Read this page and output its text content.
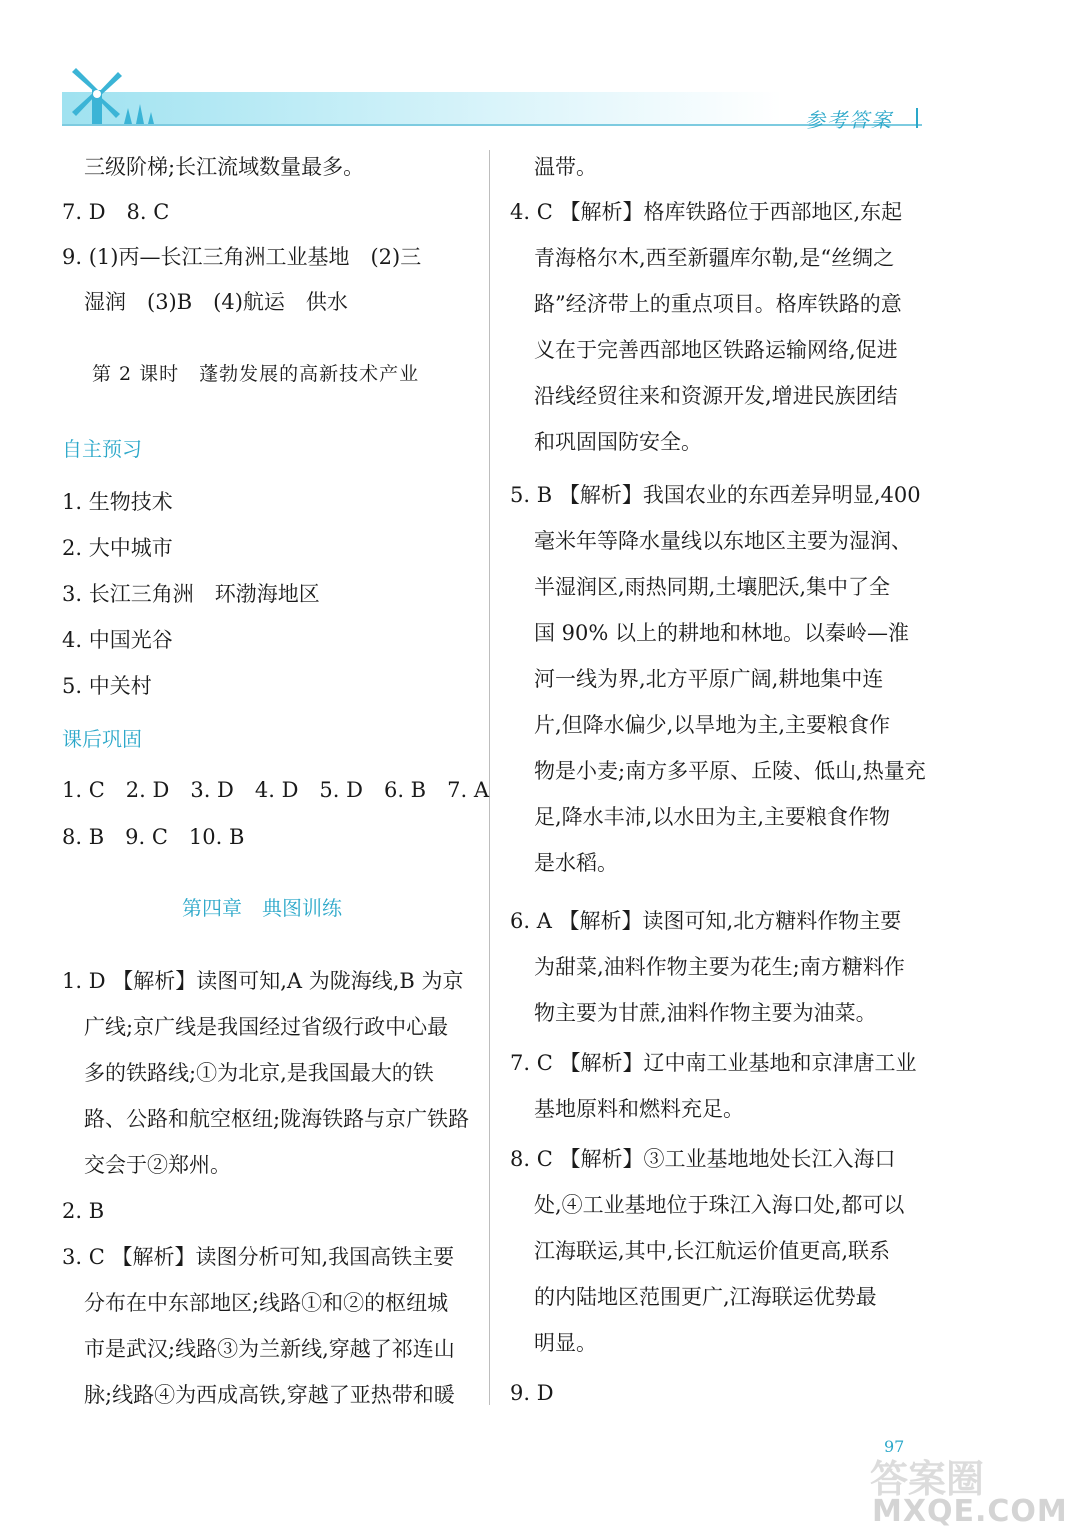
参考答案
三级阶梯;长江流域数量最多。
7. D　8. C
9. (1)丙—长江三角洲工业基地　(2)三
湿润　(3)B　(4)航运　供水
第 2 课时　蓬勃发展的高新技术产业
自主预习
1. 生物技术
2. 大中城市
3. 长江三角洲　环渤海地区
4. 中国光谷
5. 中关村
课后巩固
1. C　2. D　3. D　4. D　5. D　6. B　7. A
8. B　9. C　10. B
第四章　典图训练
1. D 【解析】读图可知,A 为陇海线,B 为京
广线;京广线是我国经过省级行政中心最
多的铁路线;①为北京,是我国最大的铁
路、公路和航空枢纽;陇海铁路与京广铁路
交会于②郑州。
2. B
3. C 【解析】读图分析可知,我国高铁主要
分布在中东部地区;线路①和②的枢纽城
市是武汉;线路③为兰新线,穿越了祁连山
脉;线路④为西成高铁,穿越了亚热带和暖
温带。
4. C 【解析】格库铁路位于西部地区,东起
青海格尔木,西至新疆库尔勒,是“丝绸之
路”经济带上的重点项目。格库铁路的意
义在于完善西部地区铁路运输网络,促进
沿线经贸往来和资源开发,增进民族团结
和巩固国防安全。
5. B 【解析】我国农业的东西差异明显,400
毫米年等降水量线以东地区主要为湿润、
半湿润区,雨热同期,土壤肥沃,集中了全
国 90% 以上的耕地和林地。以秦岭—淮
河一线为界,北方平原广阔,耕地集中连
片,但降水偏少,以旱地为主,主要粮食作
物是小麦;南方多平原、丘陵、低山,热量充
足,降水丰沛,以水田为主,主要粮食作物
是水稻。
6. A 【解析】读图可知,北方糖料作物主要
为甜菜,油料作物主要为花生;南方糖料作
物主要为甘蔗,油料作物主要为油菜。
7. C 【解析】辽中南工业基地和京津唐工业
基地原料和燃料充足。
8. C 【解析】③工业基地地处长江入海口
处,④工业基地位于珠江入海口处,都可以
江海联运,其中,长江航运价值更高,联系
的内陆地区范围更广,江海联运优势最
明显。
9. D
97
答案圈
MXQE.COM
